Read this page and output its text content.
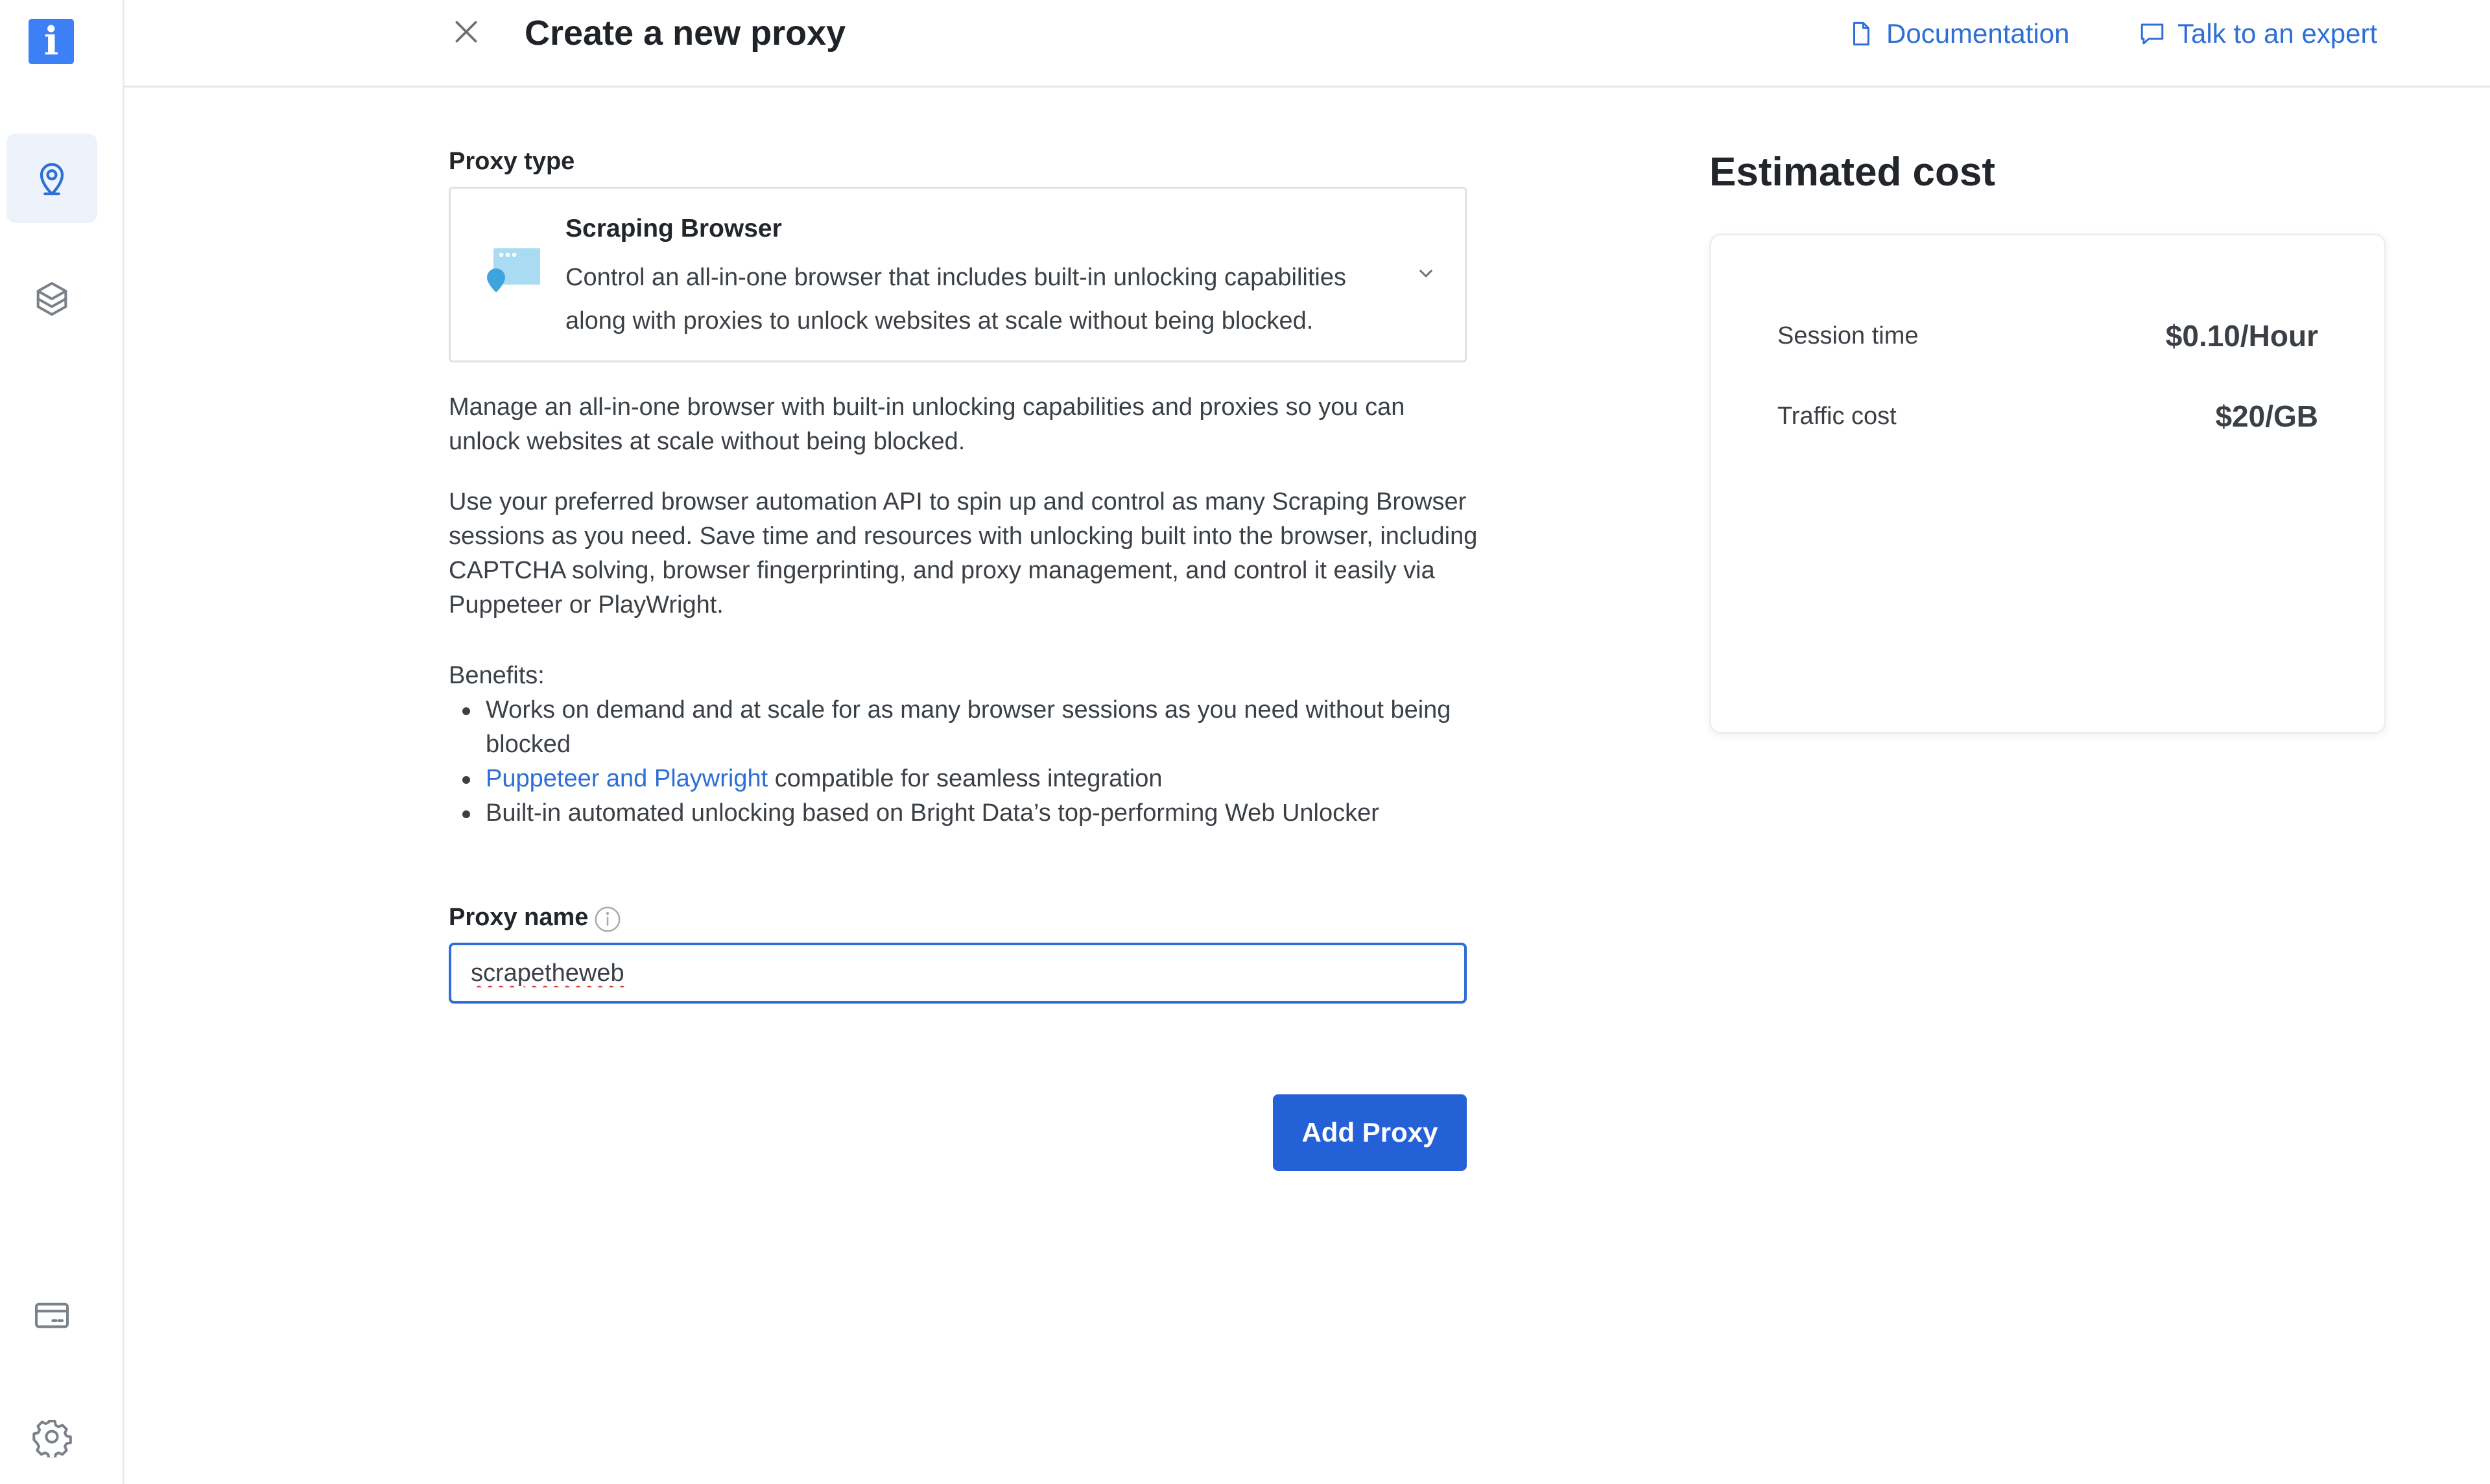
i	Create a new proxy	Documentation	Talk to an expert
Proxy type
Scraping Browser
Control an all-in-one browser that includes built-in unlocking capabilities along with proxies to unlock websites at scale without being blocked.
Manage an all-in-one browser with built-in unlocking capabilities and proxies so you can unlock websites at scale without being blocked.
Use your preferred browser automation API to spin up and control as many Scraping Browser sessions as you need. Save time and resources with unlocking built into the browser, including CAPTCHA solving, browser fingerprinting, and proxy management, and control it easily via Puppeteer or PlayWright.
Benefits:
Works on demand and at scale for as many browser sessions as you need without being blocked
Puppeteer and Playwright compatible for seamless integration
Built-in automated unlocking based on Bright Data’s top-performing Web Unlocker
Proxy name
scrapetheweb
Add Proxy
Estimated cost
Session time	$0.10/Hour
Traffic cost	$20/GB
